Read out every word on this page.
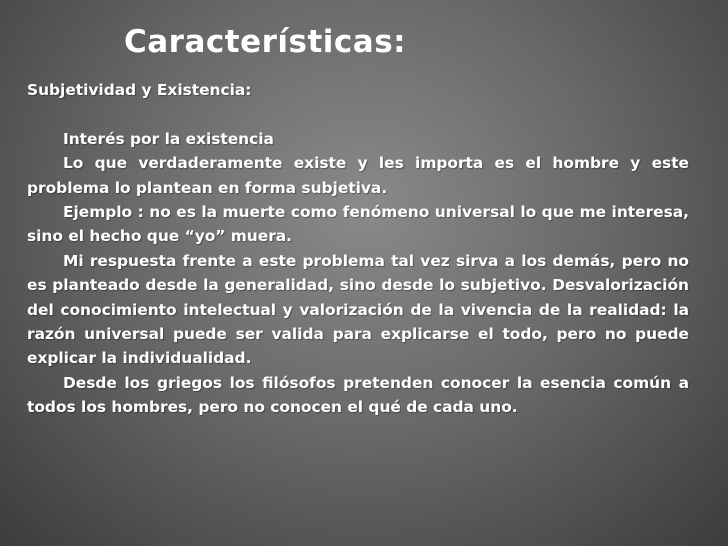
Características:

Subjetividad y Existencia:

Interés por la existencia

Lo que verdaderamente existe y les importa es el hombre y este problema lo plantean en forma subjetiva.

Ejemplo : no es la muerte como fenómeno universal lo que me interesa, sino el hecho que “yo” muera.

Mi respuesta frente a este problema tal vez sirva a los demás, pero no es planteado desde la generalidad, sino desde lo subjetivo. Desvalorización del conocimiento intelectual y valorización de la vivencia de la realidad: la razón universal puede ser valida para explicarse el todo, pero no puede explicar la individualidad.

Desde los griegos los filósofos pretenden conocer la esencia común a todos los hombres, pero no conocen el qué de cada uno.
